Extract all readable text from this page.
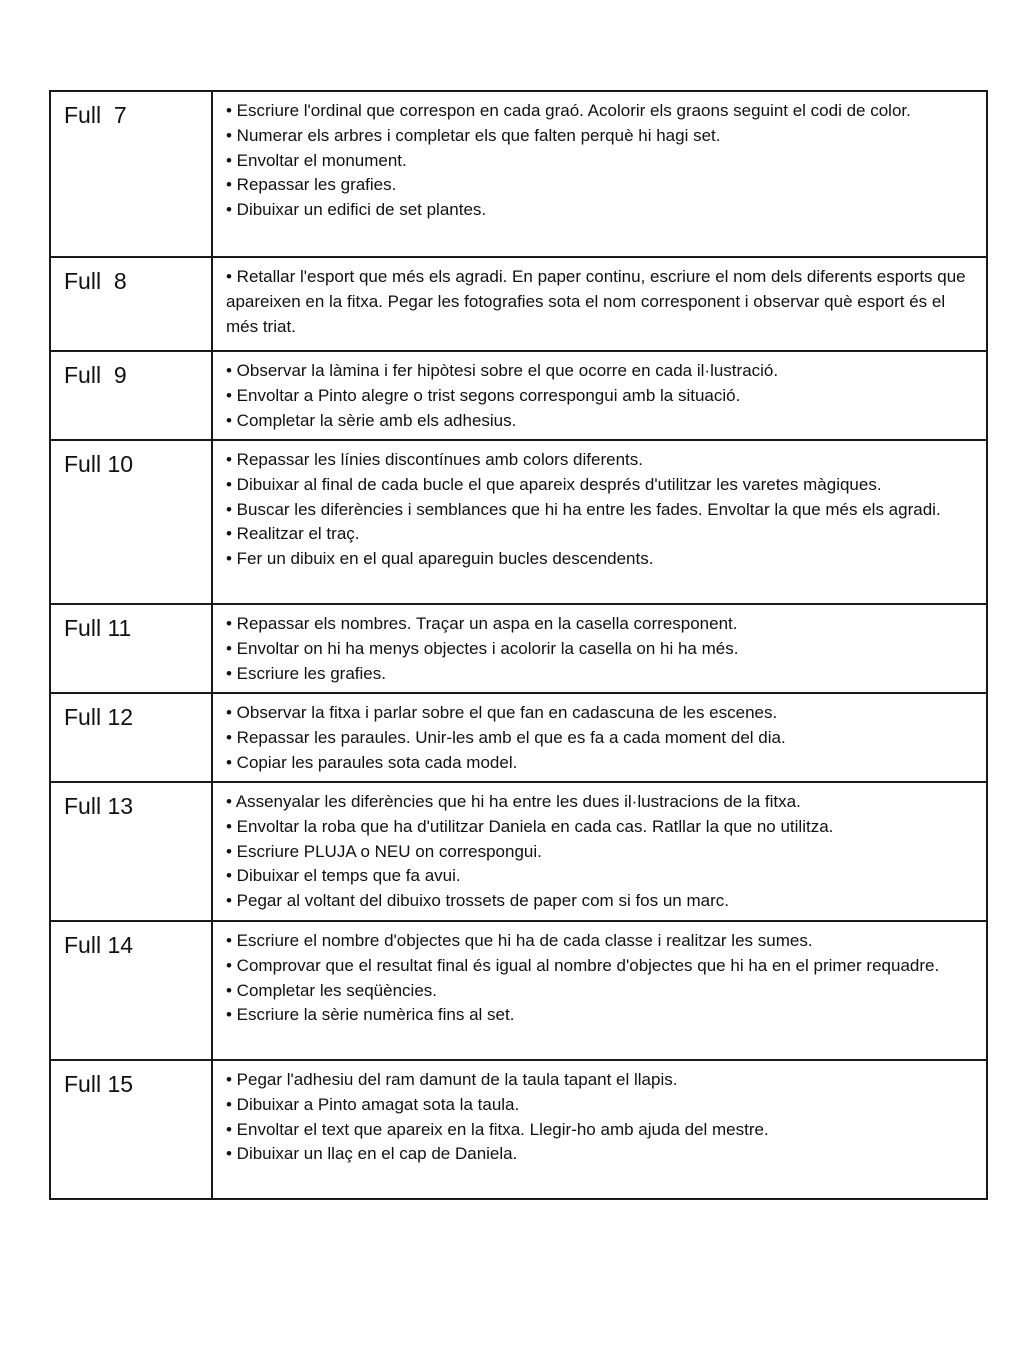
Full  7	• Escriure l'ordinal que correspon en cada graó. Acolorir els graons seguint el codi de color.
• Numerar els arbres i completar els que falten perquè hi hagi set.
• Envoltar el monument.
• Repassar les grafies.
• Dibuixar un edifici de set plantes.

Full  8	• Retallar l'esport que més els agradi. En paper continu, escriure el nom dels diferents esports que apareixen en la fitxa. Pegar les fotografies sota el nom corresponent i observar què esport és el més triat.

Full  9	• Observar la làmina i fer hipòtesi sobre el que ocorre en cada il·lustració.
• Envoltar a Pinto alegre o trist segons correspongui amb la situació.
• Completar la sèrie amb els adhesius.

Full 10	• Repassar les línies discontínues amb colors diferents.
• Dibuixar al final de cada bucle el que apareix després d'utilitzar les varetes màgiques.
• Buscar les diferències i semblances que hi ha entre les fades. Envoltar la que més els agradi.
• Realitzar el traç.
• Fer un dibuix en el qual apareguin bucles descendents.

Full 11	• Repassar els nombres. Traçar un aspa en la casella corresponent.
• Envoltar on hi ha menys objectes i acolorir la casella on hi ha més.
• Escriure les grafies.

Full 12	• Observar la fitxa i parlar sobre el que fan en cadascuna de les escenes.
• Repassar les paraules. Unir-les amb el que es fa a cada moment del dia.
• Copiar les paraules sota cada model.

Full 13	• Assenyalar les diferències que hi ha entre les dues il·lustracions de la fitxa.
• Envoltar la roba que ha d'utilitzar Daniela en cada cas. Ratllar la que no utilitza.
• Escriure PLUJA o NEU on correspongui.
• Dibuixar el temps que fa avui.
• Pegar al voltant del dibuixo trossets de paper com si fos un marc.

Full 14	• Escriure el nombre d'objectes que hi ha de cada classe i realitzar les sumes.
• Comprovar que el resultat final és igual al nombre d'objectes que hi ha en el primer requadre.
• Completar les seqüències.
• Escriure la sèrie numèrica fins al set.

Full 15	• Pegar l'adhesiu del ram damunt de la taula tapant el llapis.
• Dibuixar a Pinto amagat sota la taula.
• Envoltar el text que apareix en la fitxa. Llegir-ho amb ajuda del mestre.
• Dibuixar un llaç en el cap de Daniela.
